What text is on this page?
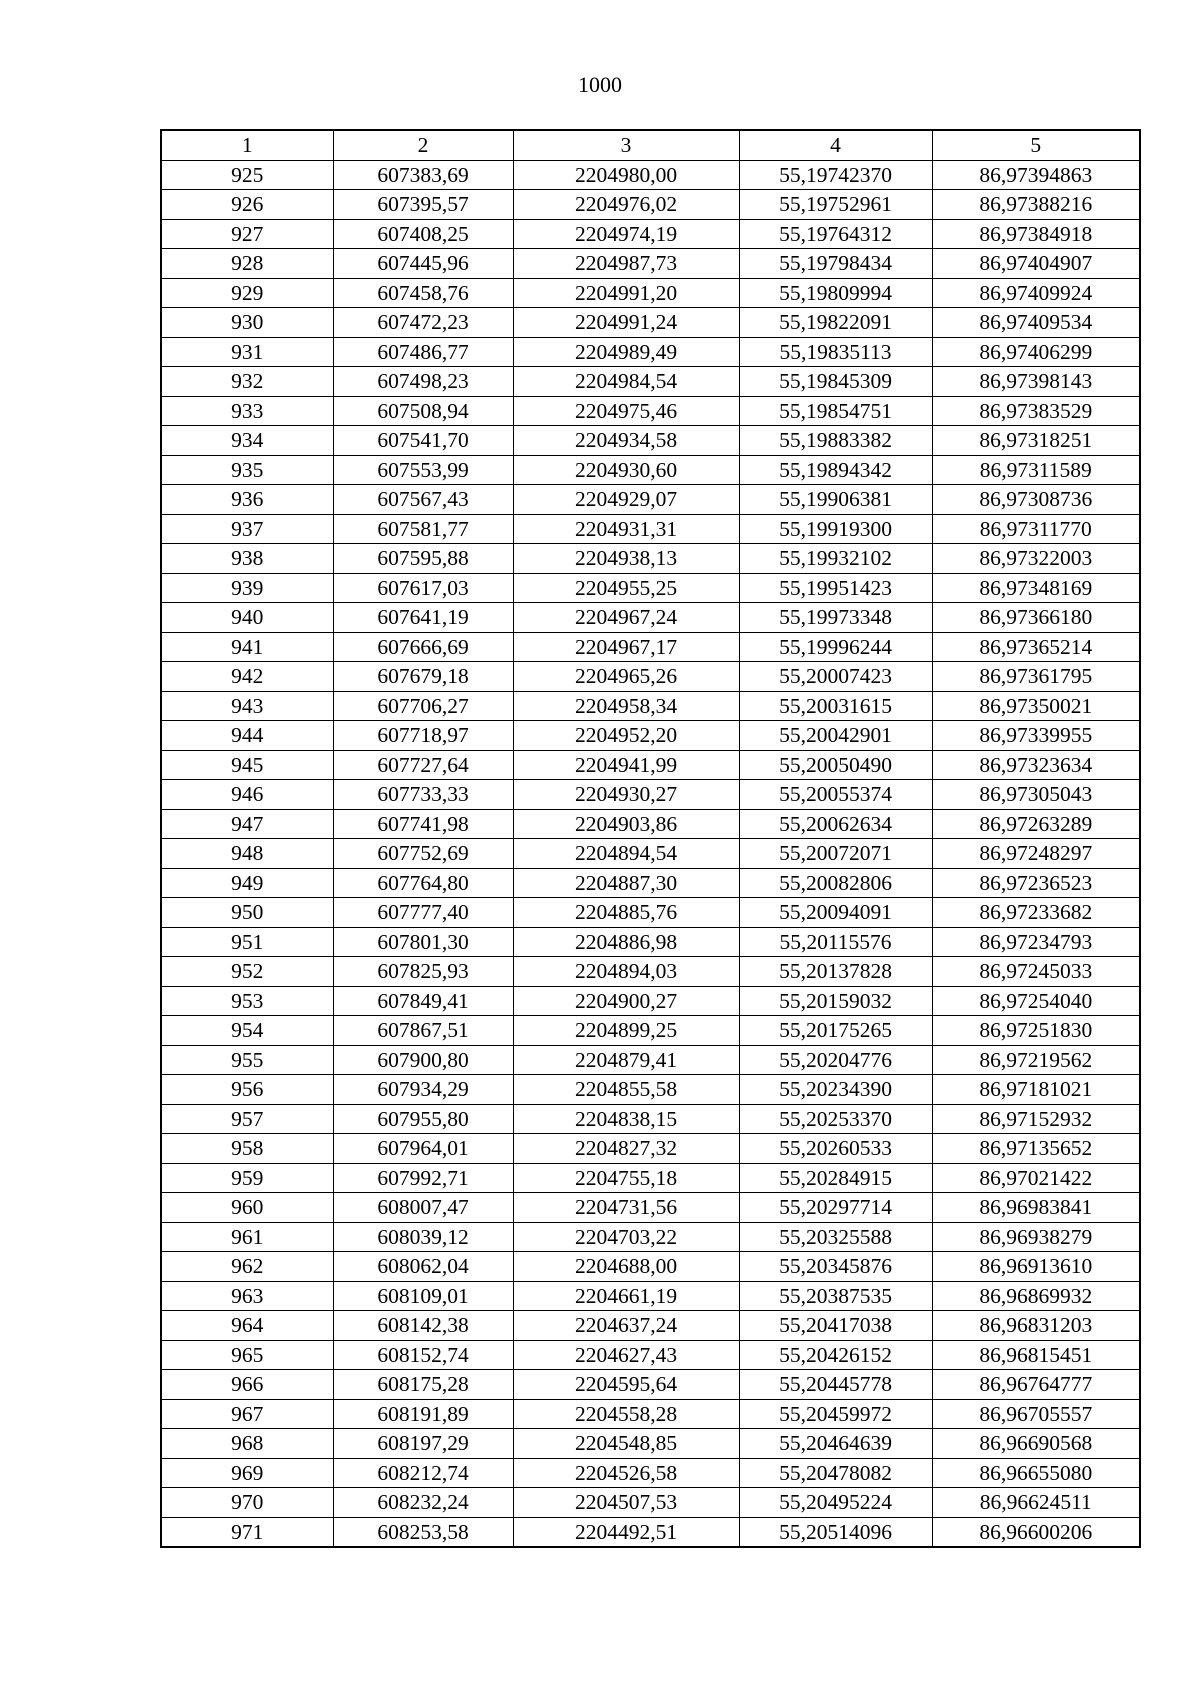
1000
1	2	3	4	5
925	607383,69	2204980,00	55,19742370	86,97394863
926	607395,57	2204976,02	55,19752961	86,97388216
927	607408,25	2204974,19	55,19764312	86,97384918
928	607445,96	2204987,73	55,19798434	86,97404907
929	607458,76	2204991,20	55,19809994	86,97409924
930	607472,23	2204991,24	55,19822091	86,97409534
931	607486,77	2204989,49	55,19835113	86,97406299
932	607498,23	2204984,54	55,19845309	86,97398143
933	607508,94	2204975,46	55,19854751	86,97383529
934	607541,70	2204934,58	55,19883382	86,97318251
935	607553,99	2204930,60	55,19894342	86,97311589
936	607567,43	2204929,07	55,19906381	86,97308736
937	607581,77	2204931,31	55,19919300	86,97311770
938	607595,88	2204938,13	55,19932102	86,97322003
939	607617,03	2204955,25	55,19951423	86,97348169
940	607641,19	2204967,24	55,19973348	86,97366180
941	607666,69	2204967,17	55,19996244	86,97365214
942	607679,18	2204965,26	55,20007423	86,97361795
943	607706,27	2204958,34	55,20031615	86,97350021
944	607718,97	2204952,20	55,20042901	86,97339955
945	607727,64	2204941,99	55,20050490	86,97323634
946	607733,33	2204930,27	55,20055374	86,97305043
947	607741,98	2204903,86	55,20062634	86,97263289
948	607752,69	2204894,54	55,20072071	86,97248297
949	607764,80	2204887,30	55,20082806	86,97236523
950	607777,40	2204885,76	55,20094091	86,97233682
951	607801,30	2204886,98	55,20115576	86,97234793
952	607825,93	2204894,03	55,20137828	86,97245033
953	607849,41	2204900,27	55,20159032	86,97254040
954	607867,51	2204899,25	55,20175265	86,97251830
955	607900,80	2204879,41	55,20204776	86,97219562
956	607934,29	2204855,58	55,20234390	86,97181021
957	607955,80	2204838,15	55,20253370	86,97152932
958	607964,01	2204827,32	55,20260533	86,97135652
959	607992,71	2204755,18	55,20284915	86,97021422
960	608007,47	2204731,56	55,20297714	86,96983841
961	608039,12	2204703,22	55,20325588	86,96938279
962	608062,04	2204688,00	55,20345876	86,96913610
963	608109,01	2204661,19	55,20387535	86,96869932
964	608142,38	2204637,24	55,20417038	86,96831203
965	608152,74	2204627,43	55,20426152	86,96815451
966	608175,28	2204595,64	55,20445778	86,96764777
967	608191,89	2204558,28	55,20459972	86,96705557
968	608197,29	2204548,85	55,20464639	86,96690568
969	608212,74	2204526,58	55,20478082	86,96655080
970	608232,24	2204507,53	55,20495224	86,96624511
971	608253,58	2204492,51	55,20514096	86,96600206
